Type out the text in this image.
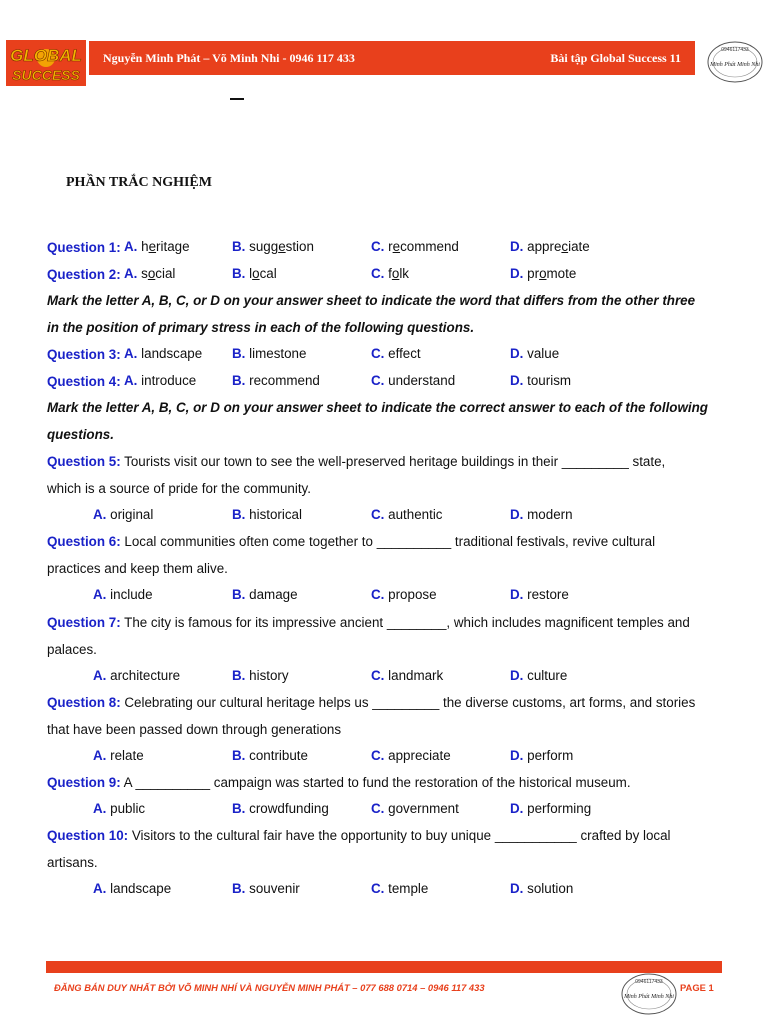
GLOBAL
SUCCESS
Nguyễn Minh Phát – Võ Minh Nhi - 0946 117 433	Bài tập Global Success 11
0946117433
Minh Phát Minh Nhi
PHẦN TRẮC NGHIỆM
Question 1: A. heritage	B. suggestion	C. recommend	D. appreciate
Question 2: A. social	B. local	C. folk	D. promote
Mark the letter A, B, C, or D on your answer sheet to indicate the word that differs from the other three
in the position of primary stress in each of the following questions.
Question 3: A. landscape B. limestone	C. effect	D. value
Question 4: A. introduce	B. recommend	C. understand	D. tourism
Mark the letter A, B, C, or D on your answer sheet to indicate the correct answer to each of the following
questions.
Question 5: Tourists visit our town to see the well-preserved heritage buildings in their _________ state,
which is a source of pride for the community.
A. original	B. historical	C. authentic	D. modern
Question 6: Local communities often come together to __________ traditional festivals, revive cultural
practices and keep them alive.
A. include	B. damage	C. propose	D. restore
Question 7: The city is famous for its impressive ancient ________, which includes magnificent temples and
palaces.
A. architecture	B. history	C. landmark	D. culture
Question 8: Celebrating our cultural heritage helps us _________ the diverse customs, art forms, and stories
that have been passed down through generations
A. relate	B. contribute	C. appreciate	D. perform
Question 9: A __________ campaign was started to fund the restoration of the historical museum.
A. public	B. crowdfunding	C. government	D. performing
Question 10: Visitors to the cultural fair have the opportunity to buy unique ___________ crafted by local
artisans.
A. landscape	B. souvenir	C. temple	D. solution
ĐĂNG BÁN DUY NHẤT BỞI VÕ MINH NHÍ VÀ NGUYỄN MINH PHÁT – 077 688 0714 – 0946 117 433	0946117433
Minh Phát Minh Nhi
PAGE 1
